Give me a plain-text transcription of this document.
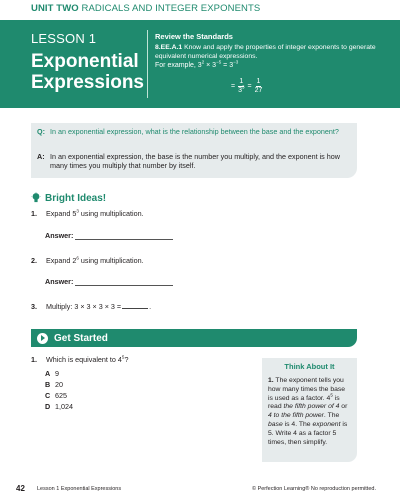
UNIT TWO RADICALS AND INTEGER EXPONENTS
LESSON 1
Exponential
Expressions
Review the Standards
8.EE.A.1 Know and apply the properties of integer exponents to generate equivalent numerical expressions.
For example, $3^2 \times 3^{-5} = 3^{-3}$
= $\frac{1}{3^3} = \frac{1}{27}$
Q: In an exponential expression, what is the relationship between the base and the exponent?
A: In an exponential expression, the base is the number you multiply, and the exponent is how many times you multiply that number by itself.
Bright Ideas!
1.	Expand $5^3$ using multiplication.
Answer:
2.	Expand $2^6$ using multiplication.
Answer:
3.	Multiply: 3 × 3 × 3 × 3 =	.
Get Started
1.	Which is equivalent to $4^5$?
A 9
B 20
C 625
D 1,024
Think About It
1. The exponent tells you how many times the base is used as a factor. $4^5$ is read the fifth power of 4 or 4 to the fifth power. The base is 4. The exponent is 5. Write 4 as a factor 5 times, then simplify.
42 Lesson 1 Exponential Expressions	© Perfection Learning® No reproduction permitted.
